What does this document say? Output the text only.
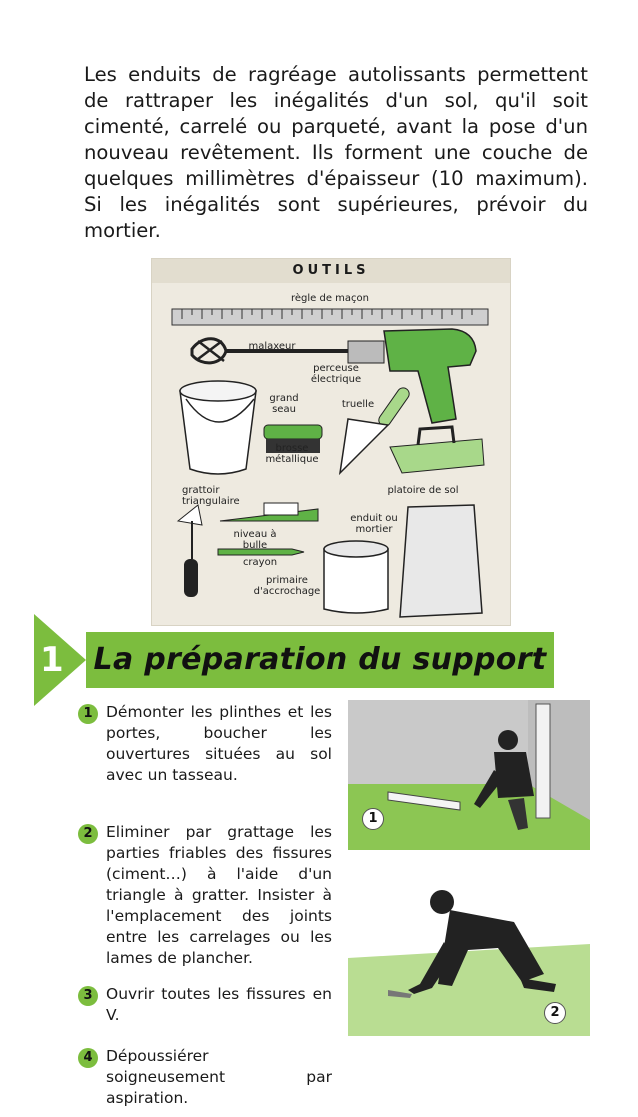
Les enduits de ragréage autolissants permettent de rattraper les inégalités d'un sol, qu'il soit cimenté, carrelé ou parqueté, avant la pose d'un nouveau revêtement. Ils forment une couche de quelques millimètres d'épaisseur (10 maximum). Si les inégalités sont supérieures, prévoir du mortier.

OUTILS
règle de maçon
malaxeur
perceuse électrique
grand seau	truelle
brosse métallique
grattoir triangulaire
platoire de sol
niveau à bulle
enduit ou mortier
crayon
primaire d'accrochage
1 La préparation du support
1 Démonter les plinthes et les portes, boucher les ouvertures situées au sol avec un tasseau.
2 Eliminer par grattage les parties friables des fissures (ciment…) à l'aide d'un triangle à gratter. Insister à l'emplacement des joints entre les carrelages ou les lames de plancher.
3 Ouvrir toutes les fissures en V.
4 Dépoussiérer soigneusement par aspiration.
1
2
